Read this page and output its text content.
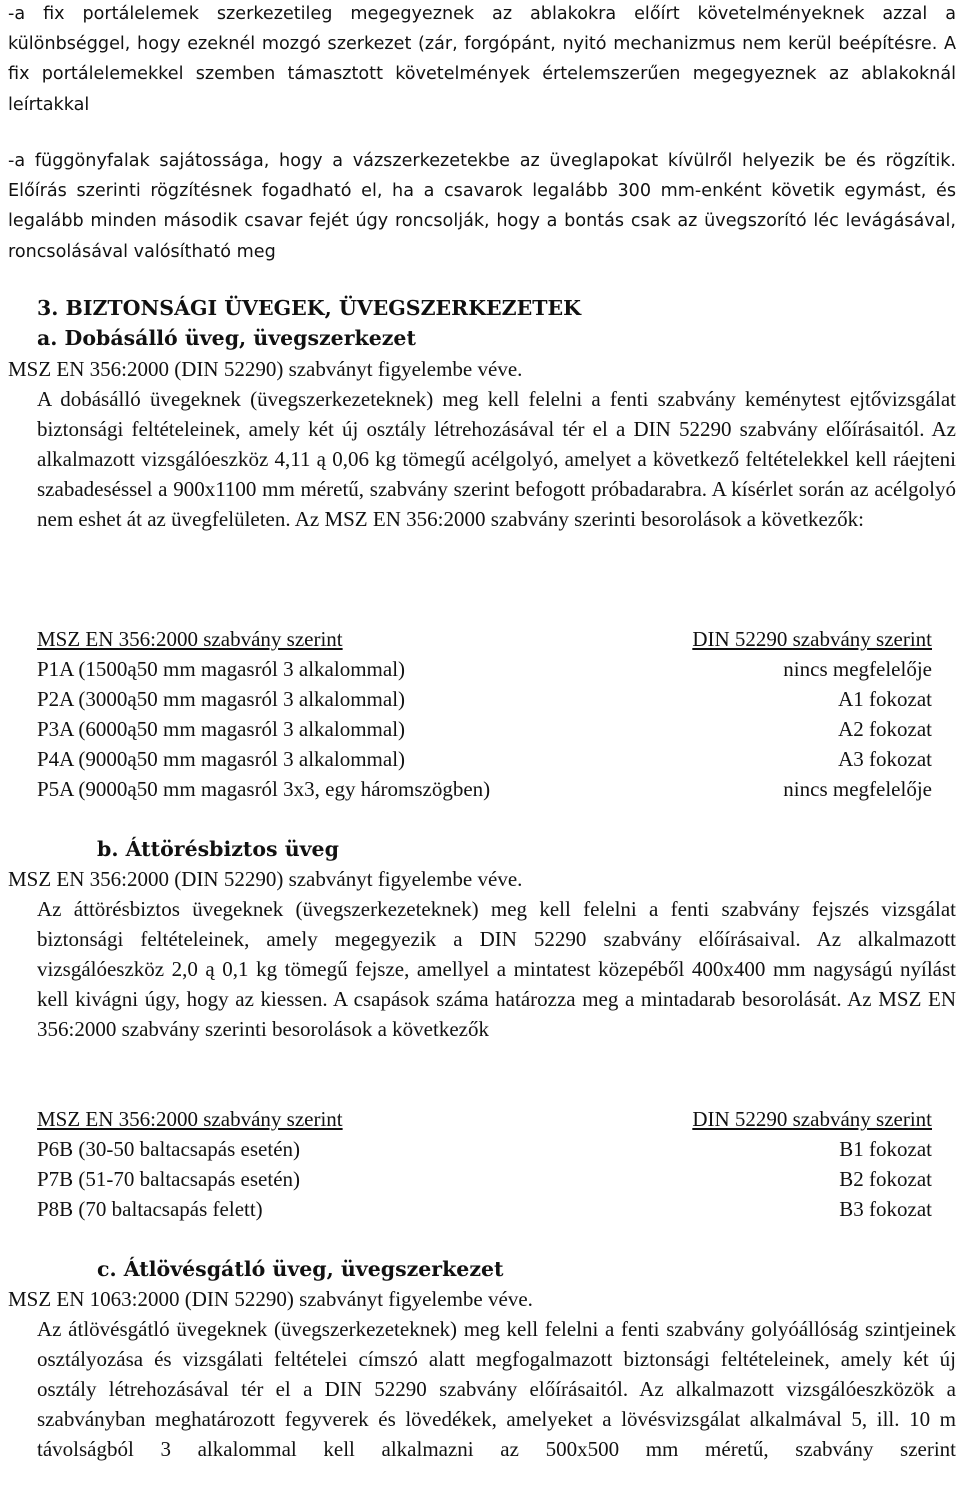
-a fix portálelemek szerkezetileg megegyeznek az ablakokra előírt követelményeknek azzal a különbséggel, hogy ezeknél mozgó szerkezet (zár, forgópánt, nyitó mechanizmus nem kerül beépítésre. A fix portálelemekkel szemben támasztott követelmények értelemszerűen megegyeznek az ablakoknál leírtakkal

-a függönyfalak sajátossága, hogy a vázszerkezetekbe az üveglapokat kívülről helyezik be és rögzítik. Előírás szerinti rögzítésnek fogadható el, ha a csavarok legalább 300 mm-enként követik egymást, és legalább minden második csavar fejét úgy roncsolják, hogy a bontás csak az üvegszorító léc levágásával, roncsolásával valósítható meg

3. BIZTONSÁGI ÜVEGEK, ÜVEGSZERKEZETEK
a. Dobásálló üveg, üvegszerkezet

MSZ EN 356:2000 (DIN 52290) szabványt figyelembe véve.

A dobásálló üvegeknek (üvegszerkezeteknek) meg kell felelni a fenti szabvány keménytest ejtővizsgálat biztonsági feltételeinek, amely két új osztály létrehozásával tér el a DIN 52290 szabvány előírásaitól. Az alkalmazott vizsgálóeszköz 4,11 ą 0,06 kg tömegű acélgolyó, amelyet a következő feltételekkel kell ráejteni szabadeséssel a 900x1100 mm méretű, szabvány szerint befogott próbadarabra. A kísérlet során az acélgolyó nem eshet át az üvegfelületen. Az MSZ EN 356:2000 szabvány szerinti besorolások a következők:

MSZ EN 356:2000 szabvány szerint	DIN 52290 szabvány szerint
P1A (1500ą50 mm magasról 3 alkalommal)	nincs megfelelője
P2A (3000ą50 mm magasról 3 alkalommal)	A1 fokozat
P3A (6000ą50 mm magasról 3 alkalommal)	A2 fokozat
P4A (9000ą50 mm magasról 3 alkalommal)	A3 fokozat
P5A (9000ą50 mm magasról 3x3, egy háromszögben)	nincs megfelelője
b. Áttörésbiztos üveg

MSZ EN 356:2000 (DIN 52290) szabványt figyelembe véve.

Az áttörésbiztos üvegeknek (üvegszerkezeteknek) meg kell felelni a fenti szabvány fejszés vizsgálat biztonsági feltételeinek, amely megegyezik a DIN 52290 szabvány előírásaival. Az alkalmazott vizsgálóeszköz 2,0 ą 0,1 kg tömegű fejsze, amellyel a mintatest közepéből 400x400 mm nagyságú nyílást kell kivágni úgy, hogy az kiessen. A csapások száma határozza meg a mintadarab besorolását. Az MSZ EN 356:2000 szabvány szerinti besorolások a következők

MSZ EN 356:2000 szabvány szerint	DIN 52290 szabvány szerint
P6B (30-50 baltacsapás esetén)	B1 fokozat
P7B (51-70 baltacsapás esetén)	B2 fokozat
P8B (70 baltacsapás felett)	B3 fokozat
c. Átlövésgátló üveg, üvegszerkezet

MSZ EN 1063:2000 (DIN 52290) szabványt figyelembe véve.

Az átlövésgátló üvegeknek (üvegszerkezeteknek) meg kell felelni a fenti szabvány golyóállóság szintjeinek osztályozása és vizsgálati feltételei címszó alatt megfogalmazott biztonsági feltételeinek, amely két új osztály létrehozásával tér el a DIN 52290 szabvány előírásaitól. Az alkalmazott vizsgálóeszközök a szabványban meghatározott fegyverek és lövedékek, amelyeket a lövésvizsgálat alkalmával 5, ill. 10 m távolságból 3 alkalommal kell alkalmazni az 500x500 mm méretű, szabvány szerint
